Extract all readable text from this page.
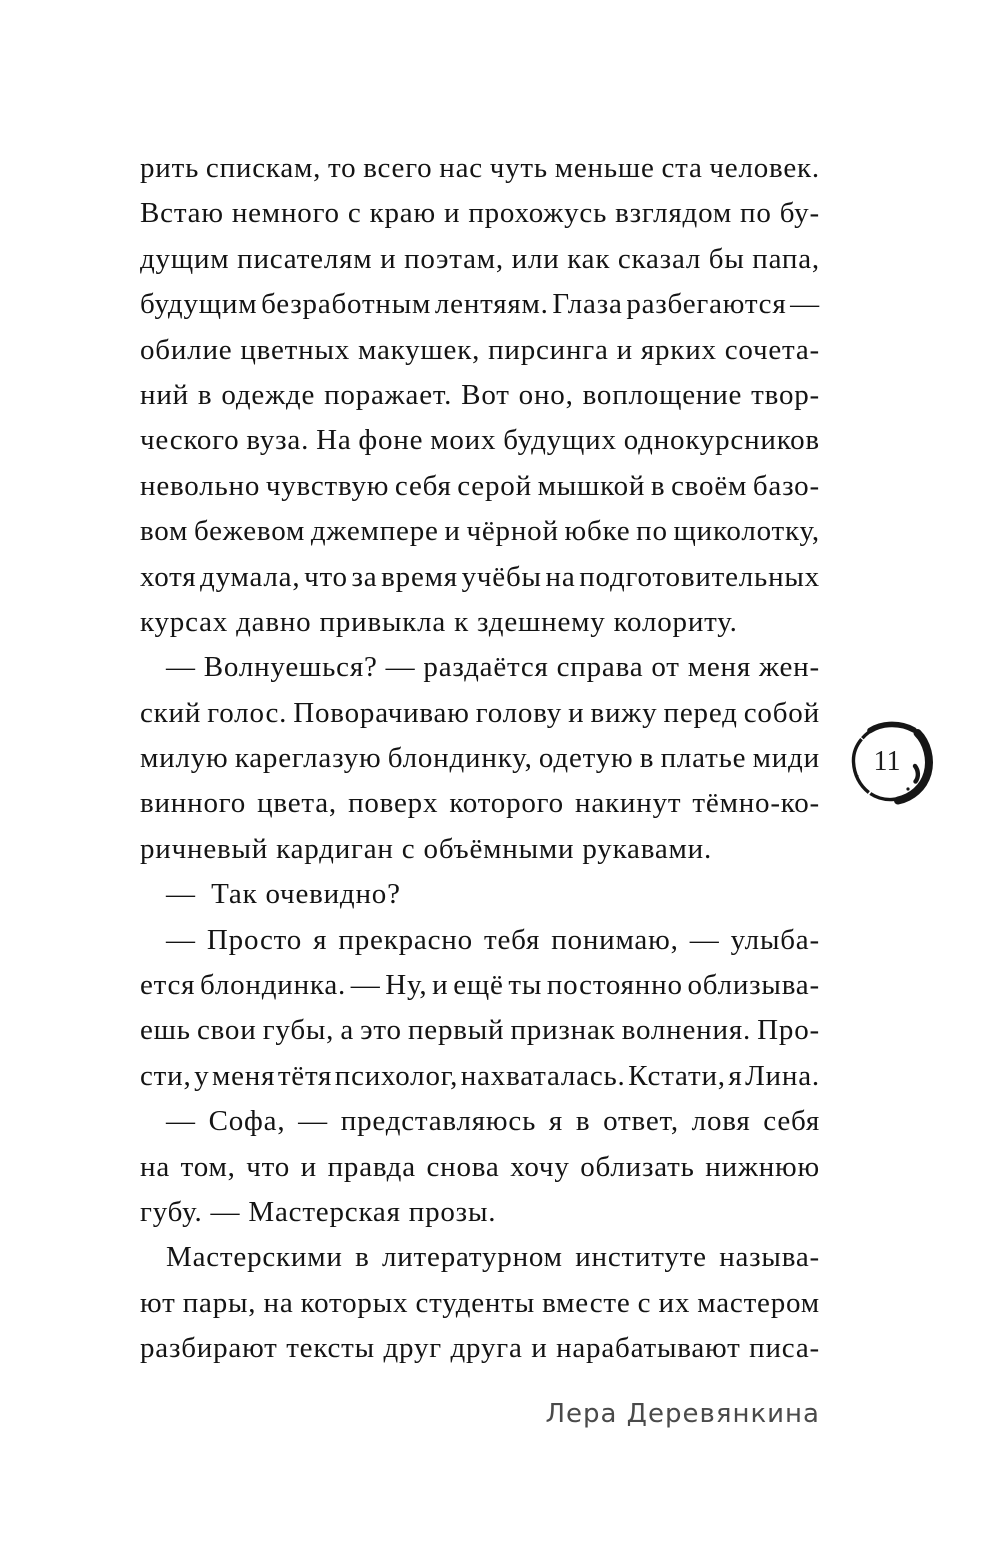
рить спискам, то всего нас чуть меньше ста человек.
Встаю немного с краю и прохожусь взглядом по бу-
дущим писателям и поэтам, или как сказал бы папа,
будущим безработным лентяям. Глаза разбегаются —
обилие цветных макушек, пирсинга и ярких сочета-
ний в одежде поражает. Вот оно, воплощение твор-
ческого вуза. На фоне моих будущих однокурсников
невольно чувствую себя серой мышкой в своём базо-
вом бежевом джемпере и чёрной юбке по щиколотку,
хотя думала, что за время учёбы на подготовительных
курсах давно привыкла к здешнему колориту.
— Волнуешься? — раздаётся справа от меня жен-
ский голос. Поворачиваю голову и вижу перед собой
милую кареглазую блондинку, одетую в платье миди
винного цвета, поверх которого накинут тёмно-ко-
ричневый кардиган с объёмными рукавами.
— Так очевидно?
— Просто я прекрасно тебя понимаю, — улыба-
ется блондинка. — Ну, и ещё ты постоянно облизыва-
ешь свои губы, а это первый признак волнения. Про-
сти, у меня тётя психолог, нахваталась. Кстати, я Лина.
— Софа, — представляюсь я в ответ, ловя себя
на том, что и правда снова хочу облизать нижнюю
губу. — Мастерская прозы.
Мастерскими в литературном институте называ-
ют пары, на которых студенты вместе с их мастером
разбирают тексты друг друга и нарабатывают писа-
11
Лера Деревянкина
